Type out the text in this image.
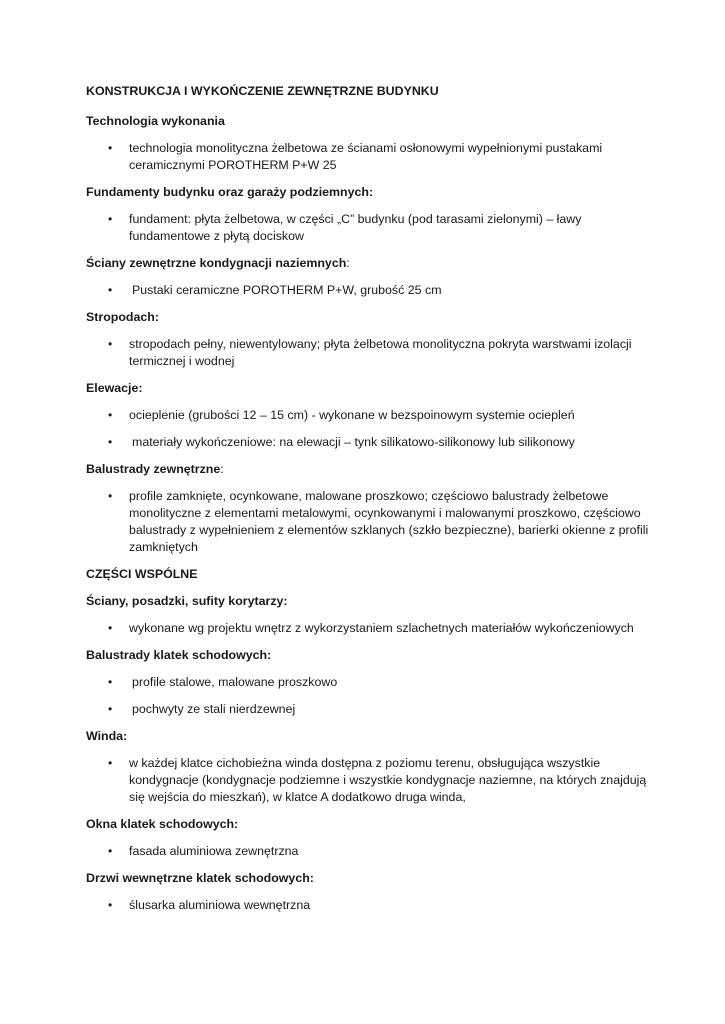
KONSTRUKCJA I WYKOŃCZENIE ZEWNĘTRZNE BUDYNKU
Technologia wykonania
• technologia monolityczna żelbetowa ze ścianami osłonowymi wypełnionymi pustakami ceramicznymi POROTHERM P+W 25
Fundamenty budynku oraz garaży podziemnych:
• fundament: płyta żelbetowa, w części „C” budynku (pod tarasami zielonymi) – ławy fundamentowe z płytą dociskow
Ściany zewnętrzne kondygnacji naziemnych:
• Pustaki ceramiczne POROTHERM P+W, grubość 25 cm
Stropodach:
• stropodach pełny, niewentylowany; płyta żelbetowa monolityczna pokryta warstwami izolacji termicznej i wodnej
Elewacje:
• ocieplenie (grubości 12 – 15 cm) - wykonane w bezspoinowym systemie ociepleń
• materiały wykończeniowe: na elewacji – tynk silikatowo-silikonowy lub silikonowy
Balustrady zewnętrzne:
• profile zamknięte, ocynkowane, malowane proszkowo; częściowo balustrady żelbetowe monolityczne z elementami metalowymi, ocynkowanymi i malowanymi proszkowo, częściowo balustrady z wypełnieniem z elementów szklanych (szkło bezpieczne), barierki okienne z profili zamkniętych
CZĘŚCI WSPÓLNE
Ściany, posadzki, sufity korytarzy:
• wykonane wg projektu wnętrz z wykorzystaniem szlachetnych materiałów wykończeniowych
Balustrady klatek schodowych:
• profile stalowe, malowane proszkowo
• pochwyty ze stali nierdzewnej
Winda:
• w każdej klatce cichobieżna winda dostępna z poziomu terenu, obsługująca wszystkie kondygnacje (kondygnacje podziemne i wszystkie kondygnacje naziemne, na których znajdują się wejścia do mieszkań), w klatce A dodatkowo druga winda,
Okna klatek schodowych:
• fasada aluminiowa zewnętrzna
Drzwi wewnętrzne klatek schodowych:
• ślusarka aluminiowa wewnętrzna
